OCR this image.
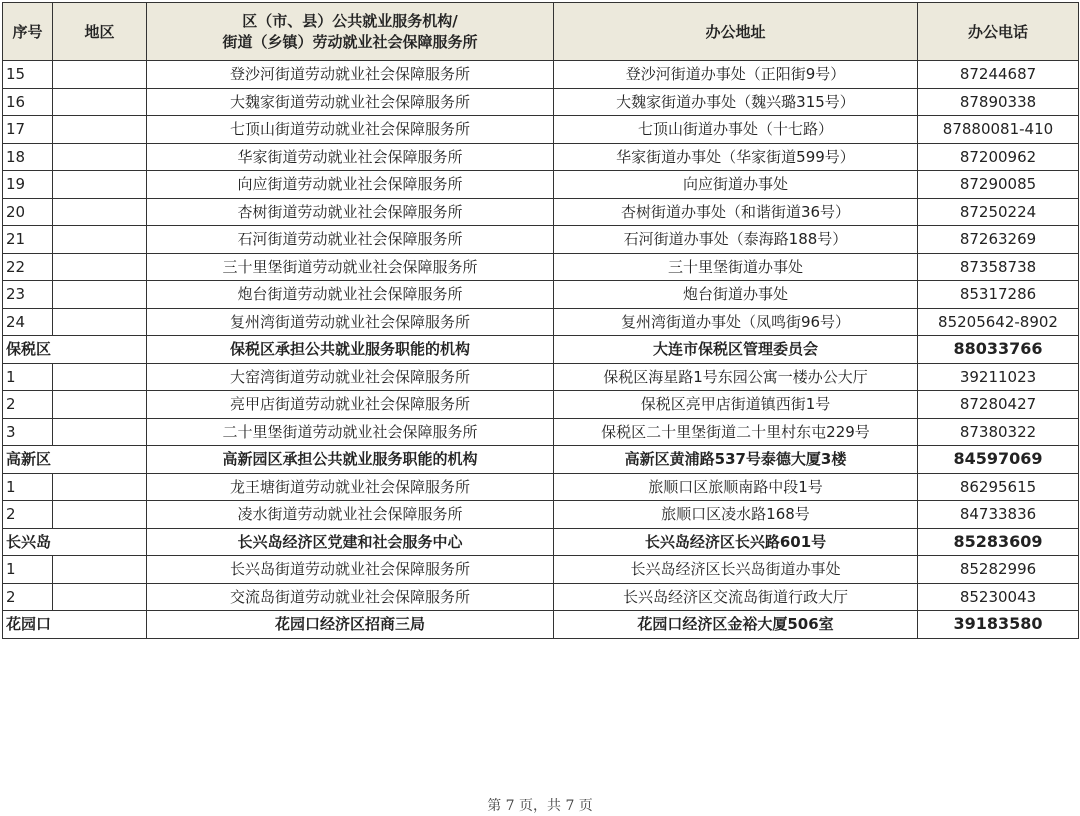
序号	地区	区（市、县）公共就业服务机构/
街道（乡镇）劳动就业社会保障服务所	办公地址	办公电话
15		登沙河街道劳动就业社会保障服务所	登沙河街道办事处（正阳街9号）	87244687
16		大魏家街道劳动就业社会保障服务所	大魏家街道办事处（魏兴璐315号）	87890338
17		七顶山街道劳动就业社会保障服务所	七顶山街道办事处（十七路）	87880081-410
18		华家街道劳动就业社会保障服务所	华家街道办事处（华家街道599号）	87200962
19		向应街道劳动就业社会保障服务所	向应街道办事处	87290085
20		杏树街道劳动就业社会保障服务所	杏树街道办事处（和谐街道36号）	87250224
21		石河街道劳动就业社会保障服务所	石河街道办事处（泰海路188号）	87263269
22		三十里堡街道劳动就业社会保障服务所	三十里堡街道办事处	87358738
23		炮台街道劳动就业社会保障服务所	炮台街道办事处	85317286
24		复州湾街道劳动就业社会保障服务所	复州湾街道办事处（凤鸣街96号）	85205642-8902
保税区		保税区承担公共就业服务职能的机构	大连市保税区管理委员会	88033766
1		大窑湾街道劳动就业社会保障服务所	保税区海星路1号东园公寓一楼办公大厅	39211023
2		亮甲店街道劳动就业社会保障服务所	保税区亮甲店街道镇西街1号	87280427
3		二十里堡街道劳动就业社会保障服务所	保税区二十里堡街道二十里村东屯229号	87380322
高新区		高新园区承担公共就业服务职能的机构	高新区黄浦路537号泰德大厦3楼	84597069
1		龙王塘街道劳动就业社会保障服务所	旅顺口区旅顺南路中段1号	86295615
2		凌水街道劳动就业社会保障服务所	旅顺口区凌水路168号	84733836
长兴岛		长兴岛经济区党建和社会服务中心	长兴岛经济区长兴路601号	85283609
1		长兴岛街道劳动就业社会保障服务所	长兴岛经济区长兴岛街道办事处	85282996
2		交流岛街道劳动就业社会保障服务所	长兴岛经济区交流岛街道行政大厅	85230043
花园口		花园口经济区招商三局	花园口经济区金裕大厦506室	39183580
第 7 页，共 7 页
